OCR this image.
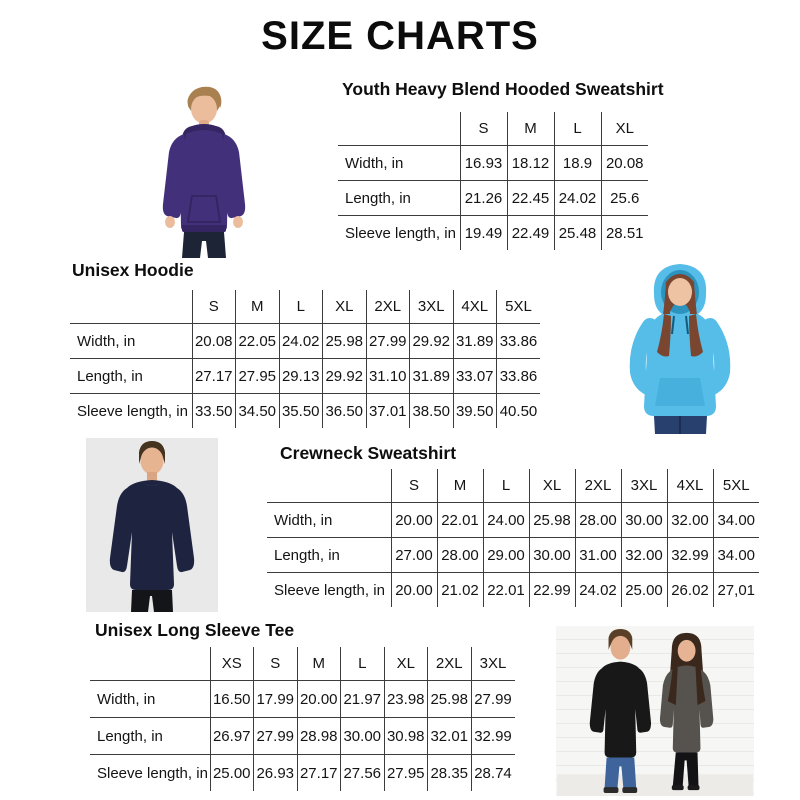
SIZE CHARTS
Youth Heavy Blend Hooded Sweatshirt
	S	M	L	XL
Width, in	16.93	18.12	18.9	20.08
Length, in	21.26	22.45	24.02	25.6
Sleeve length, in	19.49	22.49	25.48	28.51
Unisex Hoodie
	S	M	L	XL	2XL	3XL	4XL	5XL
Width, in	20.08	22.05	24.02	25.98	27.99	29.92	31.89	33.86
Length, in	27.17	27.95	29.13	29.92	31.10	31.89	33.07	33.86
Sleeve length, in	33.50	34.50	35.50	36.50	37.01	38.50	39.50	40.50
Crewneck Sweatshirt
	S	M	L	XL	2XL	3XL	4XL	5XL
Width, in	20.00	22.01	24.00	25.98	28.00	30.00	32.00	34.00
Length, in	27.00	28.00	29.00	30.00	31.00	32.00	32.99	34.00
Sleeve length, in	20.00	21.02	22.01	22.99	24.02	25.00	26.02	27,01
Unisex Long Sleeve Tee
	XS	S	M	L	XL	2XL	3XL
Width, in	16.50	17.99	20.00	21.97	23.98	25.98	27.99
Length, in	26.97	27.99	28.98	30.00	30.98	32.01	32.99
Sleeve length, in	25.00	26.93	27.17	27.56	27.95	28.35	28.74
